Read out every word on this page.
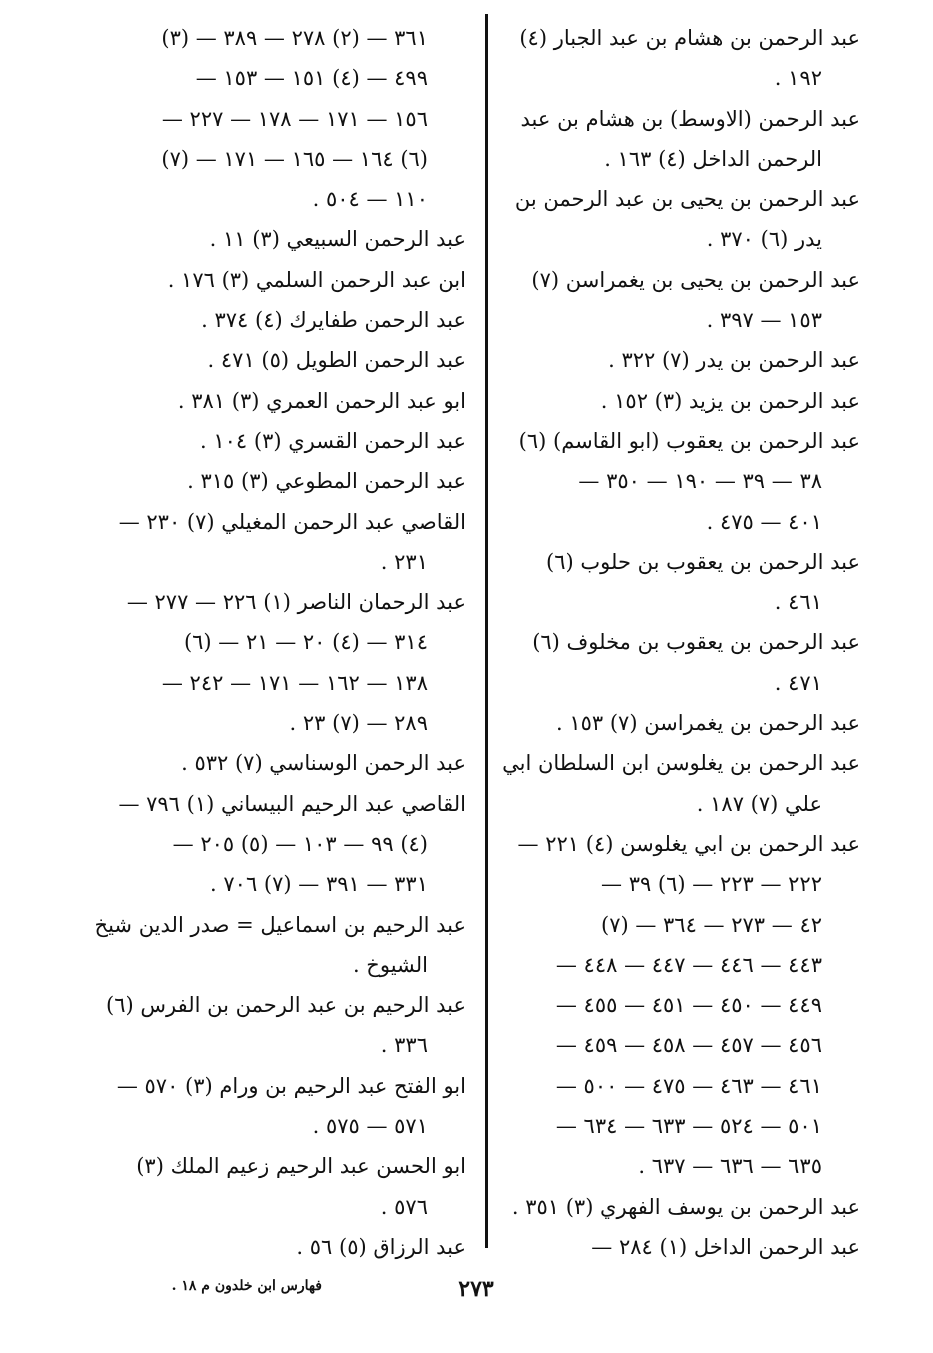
عبد الرحمن بن هشام بن عبد الجبار (٤)
١٩٢ .
عبد الرحمن (الاوسط) بن هشام بن عبد
الرحمن الداخل (٤) ١٦٣ .
عبد الرحمن بن يحيى بن عبد الرحمن بن
يدر (٦) ٣٧٠ .
عبد الرحمن بن يحيى بن يغمراسن (٧)
١٥٣ — ٣٩٧ .
عبد الرحمن بن يدر (٧) ٣٢٢ .
عبد الرحمن بن يزيد (٣) ١٥٢ .
عبد الرحمن بن يعقوب (ابو القاسم) (٦)
٣٨ — ٣٩ — ١٩٠ — ٣٥٠ —
٤٠١ — ٤٧٥ .
عبد الرحمن بن يعقوب بن حلوب (٦)
٤٦١ .
عبد الرحمن بن يعقوب بن مخلوف (٦)
٤٧١ .
عبد الرحمن بن يغمراسن (٧) ١٥٣ .
عبد الرحمن بن يغلوسن ابن السلطان ابي
علي (٧) ١٨٧ .
عبد الرحمن بن ابي يغلوسن (٤) ٢٢١ —
٢٢٢ — ٢٢٣ — (٦) ٣٩ —
٤٢ — ٢٧٣ — ٣٦٤ — (٧)
٤٤٣ — ٤٤٦ — ٤٤٧ — ٤٤٨ —
٤٤٩ — ٤٥٠ — ٤٥١ — ٤٥٥ —
٤٥٦ — ٤٥٧ — ٤٥٨ — ٤٥٩ —
٤٦١ — ٤٦٣ — ٤٧٥ — ٥٠٠ —
٥٠١ — ٥٢٤ — ٦٣٣ — ٦٣٤ —
٦٣٥ — ٦٣٦ — ٦٣٧ .
عبد الرحمن بن يوسف الفهري (٣) ٣٥١ .
عبد الرحمن الداخل (١) ٢٨٤ —
٣٦١ — (٢) ٢٧٨ — ٣٨٩ — (٣)
٤٩٩ — (٤) ١٥١ — ١٥٣ —
١٥٦ — ١٧١ — ١٧٨ — ٢٢٧ —
(٦) ١٦٤ — ١٦٥ — ١٧١ — (٧)
١١٠ — ٥٠٤ .
عبد الرحمن السبيعي (٣) ١١ .
ابن عبد الرحمن السلمي (٣) ١٧٦ .
عبد الرحمن طفايرك (٤) ٣٧٤ .
عبد الرحمن الطويل (٥) ٤٧١ .
ابو عبد الرحمن العمري (٣) ٣٨١ .
عبد الرحمن القسري (٣) ١٠٤ .
عبد الرحمن المطوعي (٣) ٣١٥ .
القاصي عبد الرحمن المغيلي (٧) ٢٣٠ —
٢٣١ .
عبد الرحمان الناصر (١) ٢٢٦ — ٢٧٧ —
٣١٤ — (٤) ٢٠ — ٢١ — (٦)
١٣٨ — ١٦٢ — ١٧١ — ٢٤٢ —
٢٨٩ — (٧) ٢٣ .
عبد الرحمن الوسناسي (٧) ٥٣٢ .
القاصي عبد الرحيم البيساني (١) ٧٩٦ —
(٤) ٩٩ — ١٠٣ — (٥) ٢٠٥ —
٣٣١ — ٣٩١ — (٧) ٧٠٦ .
عبد الرحيم بن اسماعيل = صدر الدين شيخ
الشيوخ .
عبد الرحيم بن عبد الرحمن بن الفرس (٦)
٣٣٦ .
ابو الفتح عبد الرحيم بن ورام (٣) ٥٧٠ —
٥٧١ — ٥٧٥ .
ابو الحسن عبد الرحيم زعيم الملك (٣)
٥٧٦ .
عبد الرزاق (٥) ٥٦ .
٢٧٣
فهارس ابن خلدون م ١٨ .
